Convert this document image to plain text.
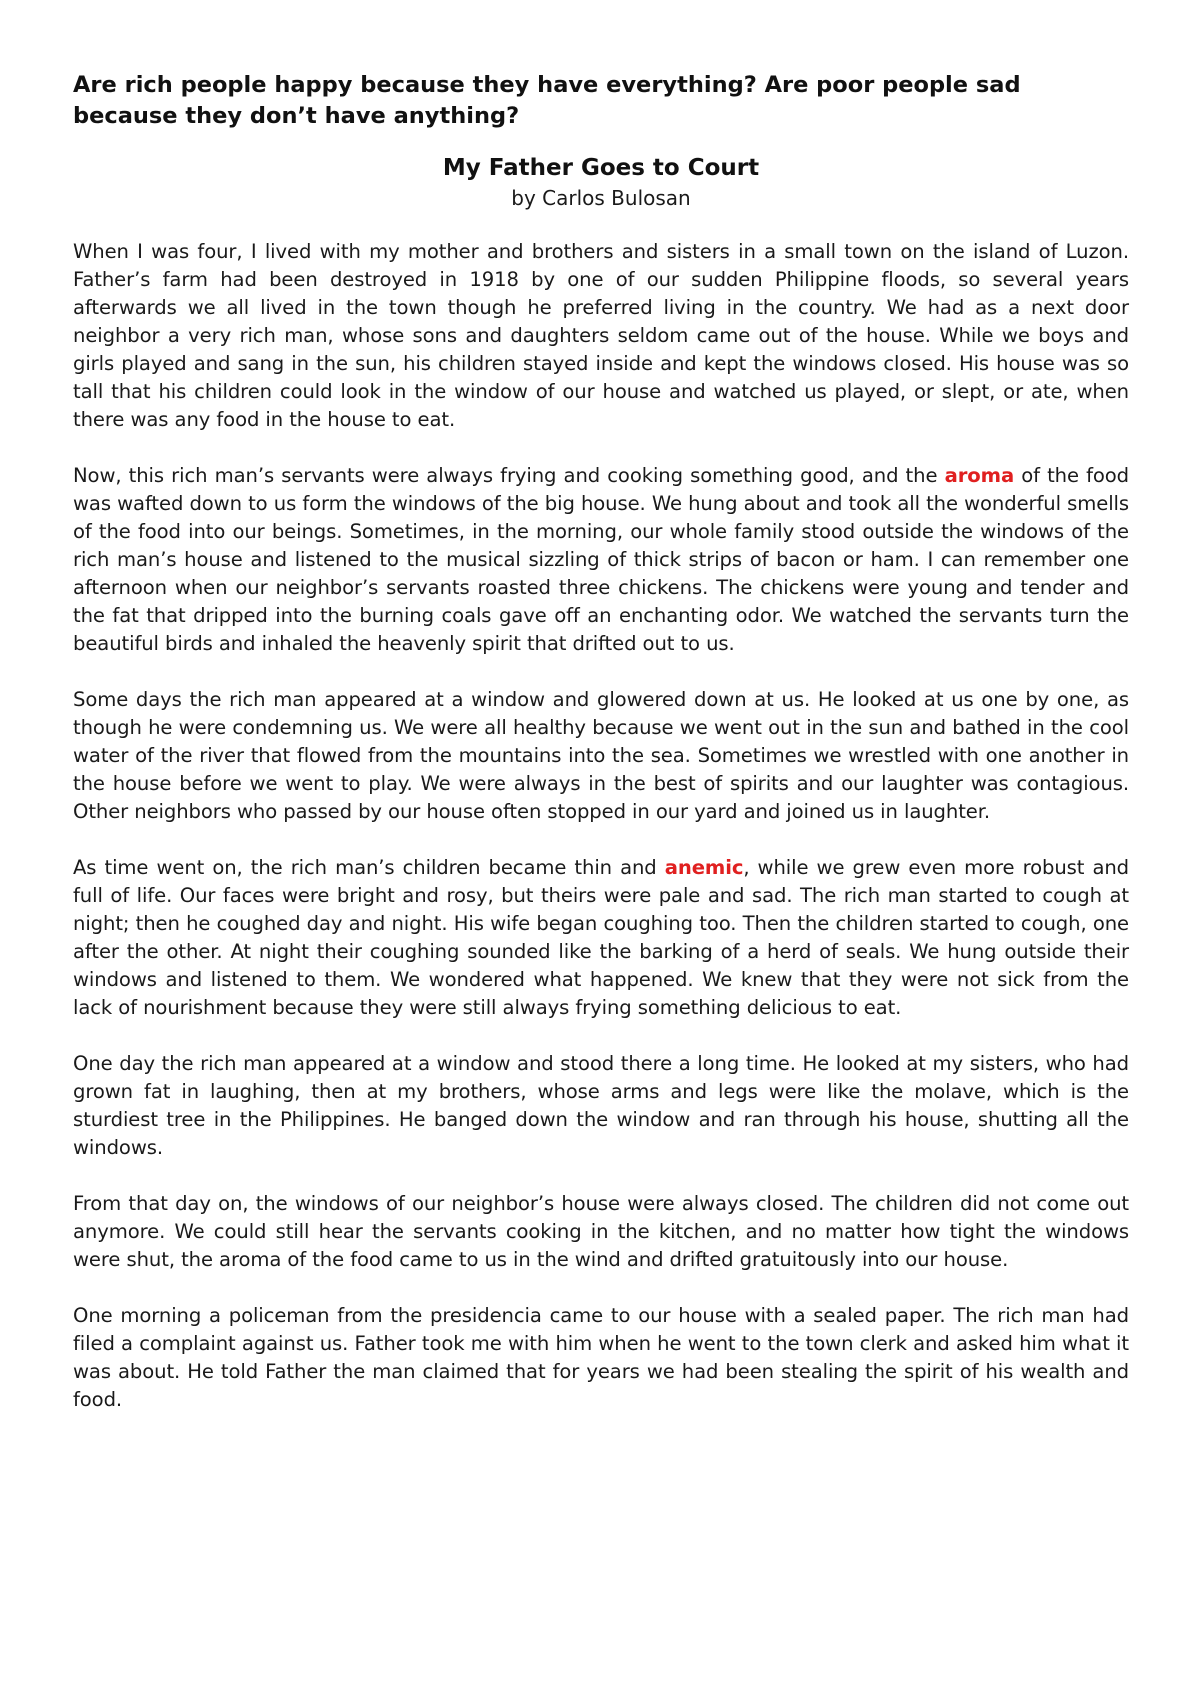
Are rich people happy because they have everything? Are poor people sad because they don’t have anything?

My Father Goes to Court

by Carlos Bulosan

When I was four, I lived with my mother and brothers and sisters in a small town on the island of Luzon. Father’s farm had been destroyed in 1918 by one of our sudden Philippine floods, so several years afterwards we all lived in the town though he preferred living in the country. We had as a next door neighbor a very rich man, whose sons and daughters seldom came out of the house. While we boys and girls played and sang in the sun, his children stayed inside and kept the windows closed. His house was so tall that his children could look in the window of our house and watched us played, or slept, or ate, when there was any food in the house to eat.

Now, this rich man’s servants were always frying and cooking something good, and the aroma of the food was wafted down to us form the windows of the big house. We hung about and took all the wonderful smells of the food into our beings. Sometimes, in the morning, our whole family stood outside the windows of the rich man’s house and listened to the musical sizzling of thick strips of bacon or ham. I can remember one afternoon when our neighbor’s servants roasted three chickens. The chickens were young and tender and the fat that dripped into the burning coals gave off an enchanting odor. We watched the servants turn the beautiful birds and inhaled the heavenly spirit that drifted out to us.

Some days the rich man appeared at a window and glowered down at us. He looked at us one by one, as though he were condemning us. We were all healthy because we went out in the sun and bathed in the cool water of the river that flowed from the mountains into the sea. Sometimes we wrestled with one another in the house before we went to play. We were always in the best of spirits and our laughter was contagious. Other neighbors who passed by our house often stopped in our yard and joined us in laughter.

As time went on, the rich man’s children became thin and anemic, while we grew even more robust and full of life. Our faces were bright and rosy, but theirs were pale and sad. The rich man started to cough at night; then he coughed day and night. His wife began coughing too. Then the children started to cough, one after the other. At night their coughing sounded like the barking of a herd of seals. We hung outside their windows and listened to them. We wondered what happened. We knew that they were not sick from the lack of nourishment because they were still always frying something delicious to eat.

One day the rich man appeared at a window and stood there a long time. He looked at my sisters, who had grown fat in laughing, then at my brothers, whose arms and legs were like the molave, which is the sturdiest tree in the Philippines. He banged down the window and ran through his house, shutting all the windows.

From that day on, the windows of our neighbor’s house were always closed. The children did not come out anymore. We could still hear the servants cooking in the kitchen, and no matter how tight the windows were shut, the aroma of the food came to us in the wind and drifted gratuitously into our house.

One morning a policeman from the presidencia came to our house with a sealed paper. The rich man had filed a complaint against us. Father took me with him when he went to the town clerk and asked him what it was about. He told Father the man claimed that for years we had been stealing the spirit of his wealth and food.
